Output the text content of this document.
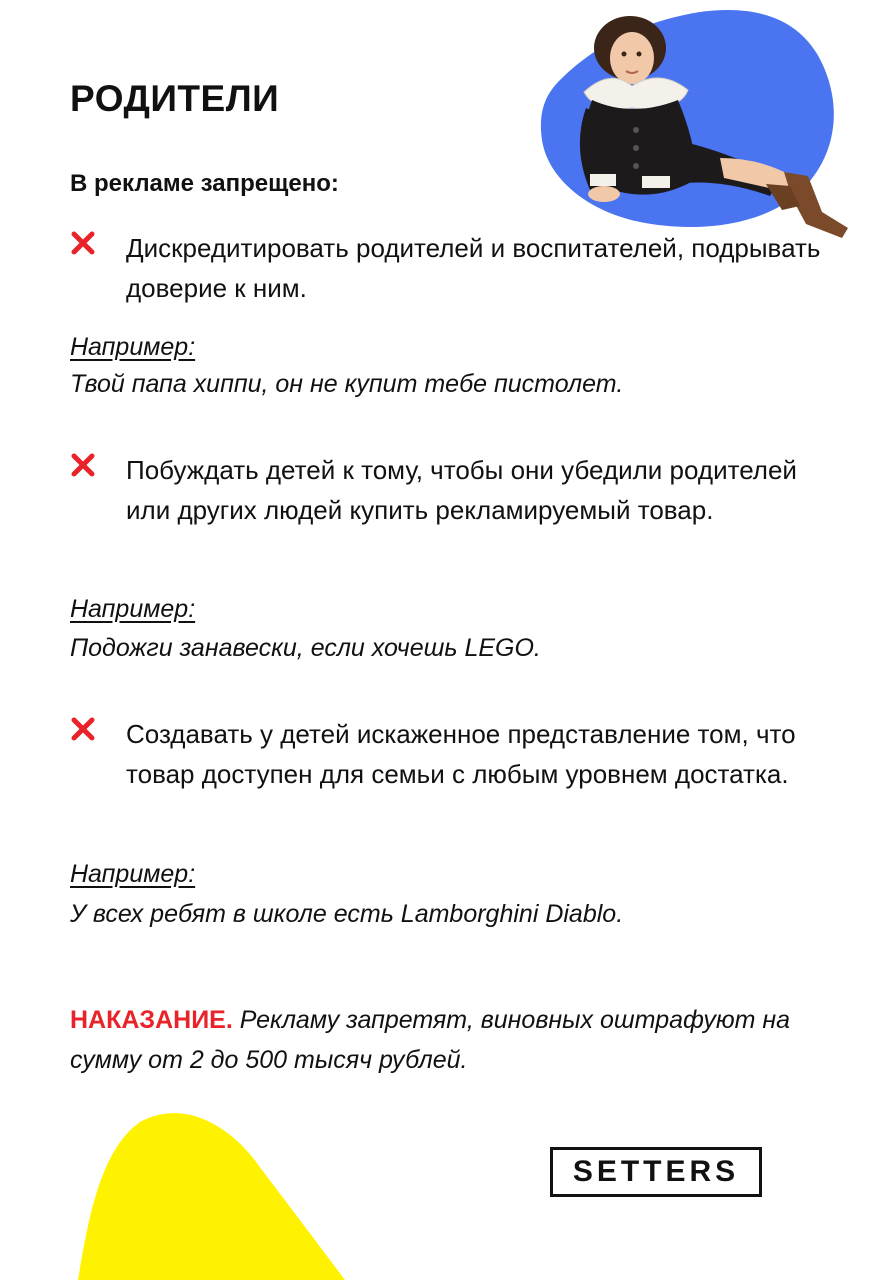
РОДИТЕЛИ
В рекламе запрещено:
Дискредитировать родителей и воспитателей, подрывать доверие к ним.
Например:
Твой папа хиппи, он не купит тебе пистолет.
Побуждать детей к тому, чтобы они убедили родителей или других людей купить рекламируемый товар.
Например:
Подожги занавески, если хочешь LEGO.
Создавать у детей искаженное представление том, что товар доступен для семьи с любым уровнем достатка.
Например:
У всех ребят в школе есть Lamborghini Diablo.
НАКАЗАНИЕ. Рекламу запретят, виновных оштрафуют на сумму от 2 до 500 тысяч рублей.
SETTERS
